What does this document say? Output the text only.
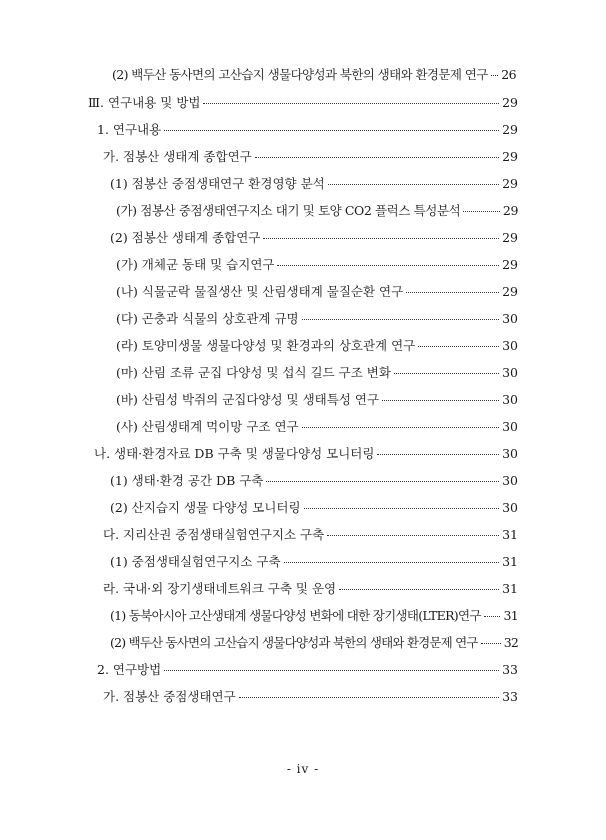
(2) 백두산 동사면의 고산습지 생물다양성과 북한의 생태와 환경문제 연구 26
Ⅲ. 연구내용 및 방법	29
1. 연구내용	29
가. 점봉산 생태계 종합연구	29
(1) 점봉산 중점생태연구 환경영향 분석	29
(가) 점봉산 중점생태연구지소 대기 및 토양 CO2 플럭스 특성분석	29
(2) 점봉산 생태계 종합연구	29
(가) 개체군 동태 및 습지연구	29
(나) 식물군락 물질생산 및 산림생태계 물질순환 연구	29
(다) 곤충과 식물의 상호관계 규명	30
(라) 토양미생물 생물다양성 및 환경과의 상호관계 연구	30
(마) 산림 조류 군집 다양성 및 섭식 길드 구조 변화	30
(바) 산림성 박쥐의 군집다양성 및 생태특성 연구	30
(사) 산림생태계 먹이망 구조 연구	30
나. 생태·환경자료 DB 구축 및 생물다양성 모니터링	30
(1) 생태·환경 공간 DB 구축	30
(2) 산지습지 생물 다양성 모니터링	30
다. 지리산권 중점생태실험연구지소 구축	31
(1) 중점생태실험연구지소 구축	31
라. 국내·외 장기생태네트워크 구축 및 운영	31
(1) 동북아시아 고산생태계 생물다양성 변화에 대한 장기생태(LTER)연구 31
(2) 백두산 동사면의 고산습지 생물다양성과 북한의 생태와 환경문제 연구 32
2. 연구방법	33
가. 점봉산 중점생태연구	33
- iv -
